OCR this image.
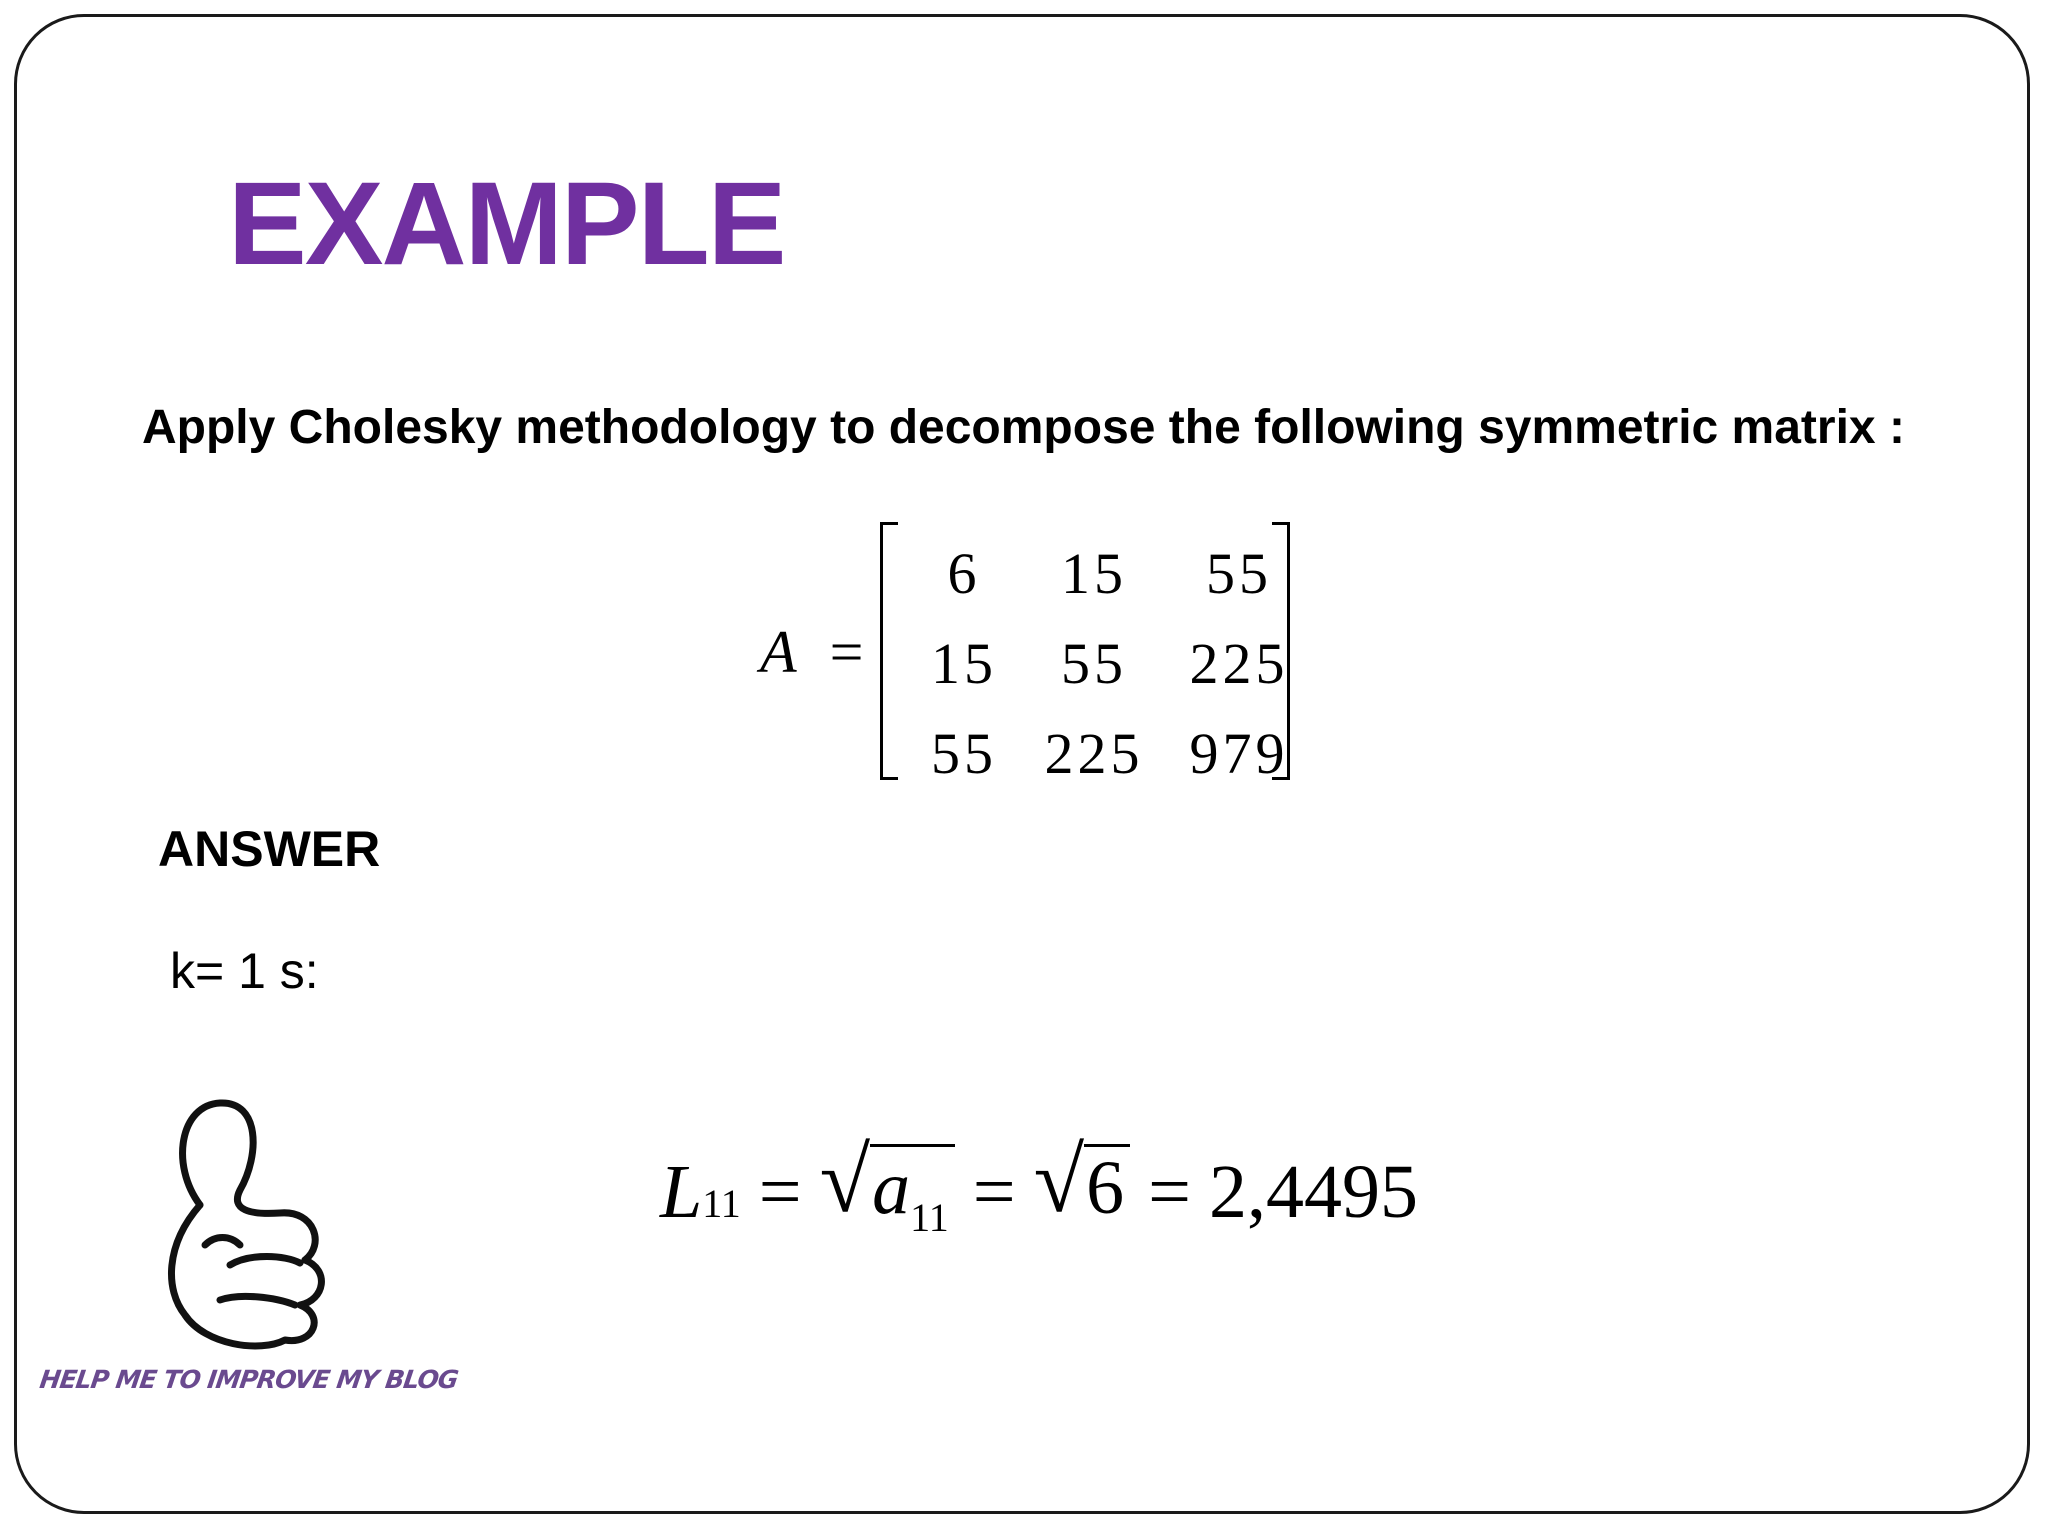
EXAMPLE
Apply Cholesky methodology to decompose the following symmetric matrix :
A =
6	15	55
15	55	225
55 225 979
ANSWER
k= 1 s:
L 11 = √ $a_{11}$ = √ 6 = 2,4495
HELP ME TO IMPROVE MY BLOG
